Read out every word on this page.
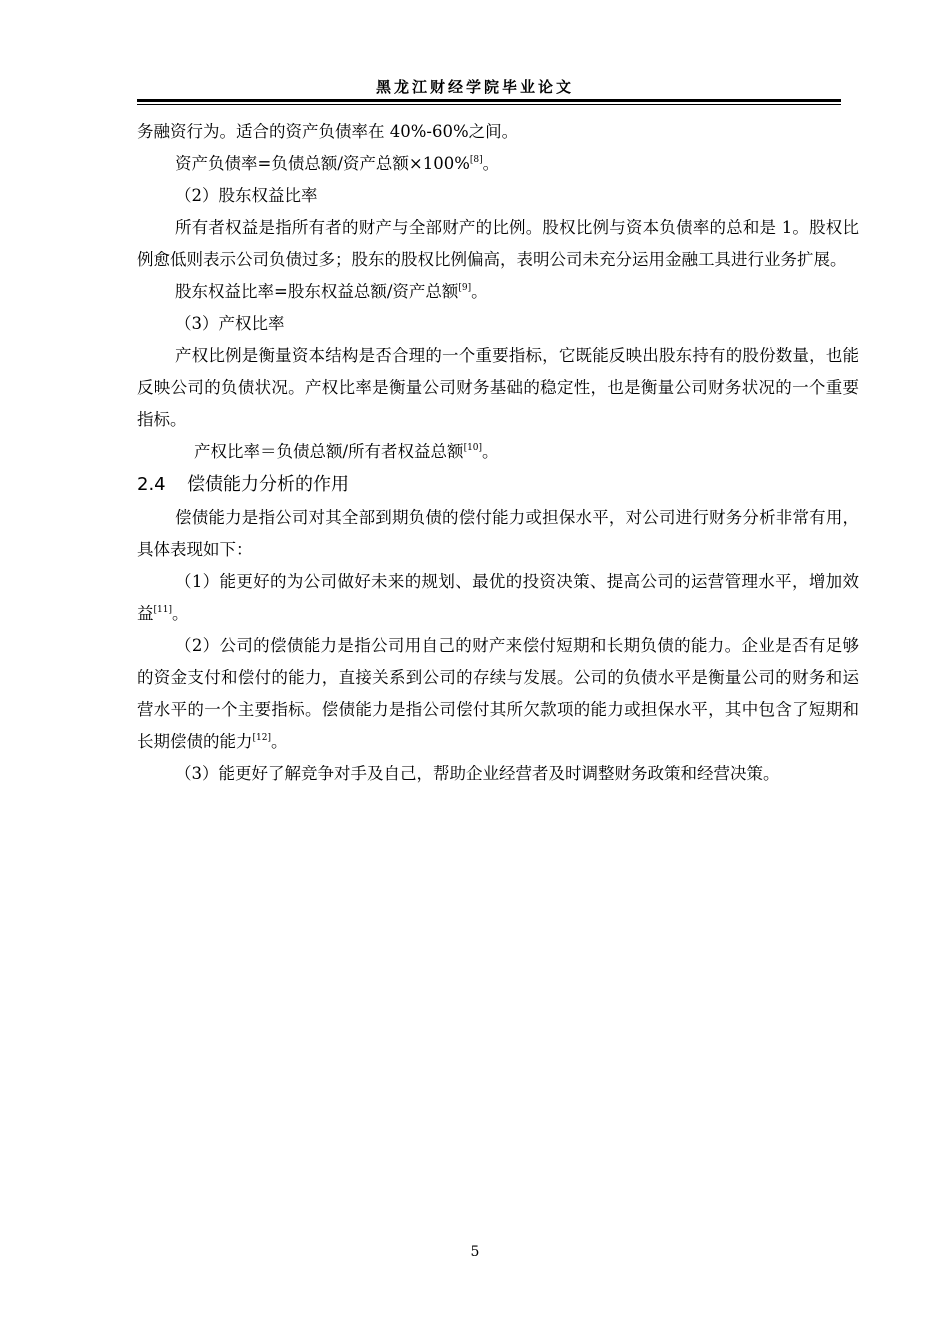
黑龙江财经学院毕业论文

务融资行为。适合的资产负债率在 40%-60%之间。

资产负债率=负债总额/资产总额×100%[8]。

（2）股东权益比率

所有者权益是指所有者的财产与全部财产的比例。股权比例与资本负债率的总和是 1。股权比例愈低则表示公司负债过多；股东的股权比例偏高，表明公司未充分运用金融工具进行业务扩展。

股东权益比率=股东权益总额/资产总额[9]。

（3）产权比率

产权比例是衡量资本结构是否合理的一个重要指标，它既能反映出股东持有的股份数量，也能反映公司的负债状况。产权比率是衡量公司财务基础的稳定性，也是衡量公司财务状况的一个重要指标。

产权比率＝负债总额/所有者权益总额[10]。

2.4 偿债能力分析的作用

偿债能力是指公司对其全部到期负债的偿付能力或担保水平，对公司进行财务分析非常有用，具体表现如下：

（1）能更好的为公司做好未来的规划、最优的投资决策、提高公司的运营管理水平，增加效益[11]。

（2）公司的偿债能力是指公司用自己的财产来偿付短期和长期负债的能力。企业是否有足够的资金支付和偿付的能力，直接关系到公司的存续与发展。公司的负债水平是衡量公司的财务和运营水平的一个主要指标。偿债能力是指公司偿付其所欠款项的能力或担保水平，其中包含了短期和长期偿债的能力[12]。

（3）能更好了解竞争对手及自己，帮助企业经营者及时调整财务政策和经营决策。

5
